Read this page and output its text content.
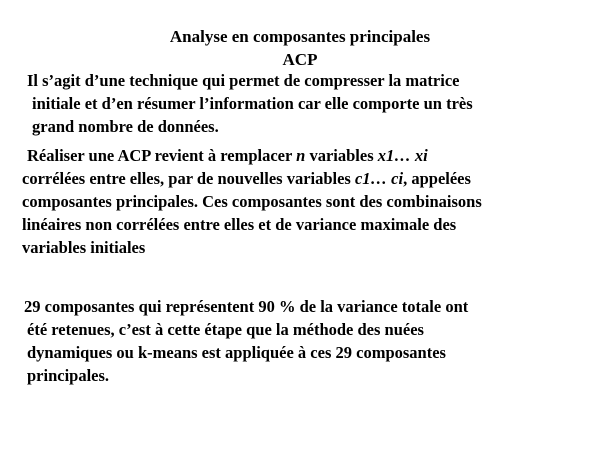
Analyse en composantes principales
ACP
Il s’agit d’une technique qui permet de compresser la matrice
initiale et d’en résumer l’information car elle comporte un très
grand nombre de données.
Réaliser une ACP revient à remplacer n variables x1… xi
corrélées entre elles, par de nouvelles variables c1… ci, appelées
composantes principales. Ces composantes sont des combinaisons
linéaires non corrélées entre elles et de variance maximale des
variables initiales
29 composantes qui représentent 90 % de la variance totale ont
été retenues, c’est à cette étape que la méthode des nuées
dynamiques ou k-means est appliquée à ces 29 composantes
principales.
